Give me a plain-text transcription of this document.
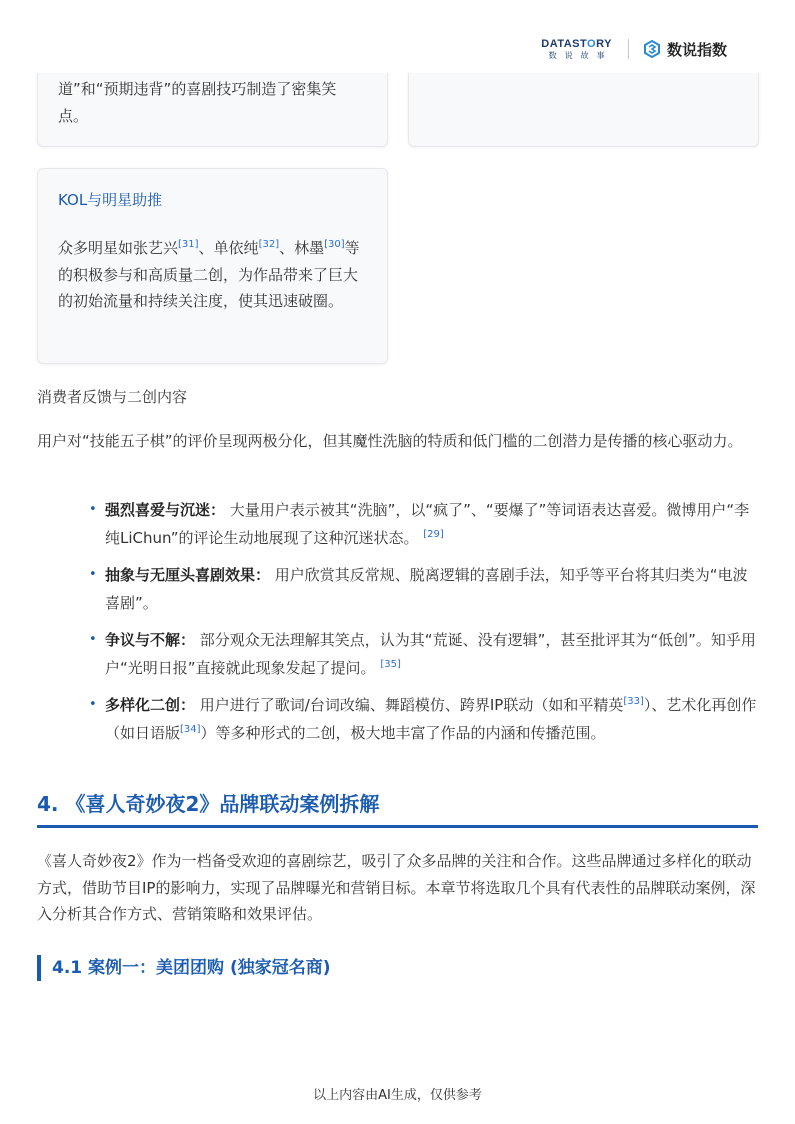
道”和“预期违背”的喜剧技巧制造了密集笑点。
DATASTORY
数说故事	数说指数
KOL与明星助推
众多明星如张艺兴[31]、单依纯[32]、林墨[30]等的积极参与和高质量二创，为作品带来了巨大的初始流量和持续关注度，使其迅速破圈。
消费者反馈与二创内容
用户对“技能五子棋”的评价呈现两极分化，但其魔性洗脑的特质和低门槛的二创潜力是传播的核心驱动力。
• 强烈喜爱与沉迷： 大量用户表示被其“洗脑”，以“疯了”、“要爆了”等词语表达喜爱。微博用户“李纯LiChun”的评论生动地展现了这种沉迷状态。 [29]
• 抽象与无厘头喜剧效果： 用户欣赏其反常规、脱离逻辑的喜剧手法，知乎等平台将其归类为“电波喜剧”。
• 争议与不解： 部分观众无法理解其笑点，认为其“荒诞、没有逻辑”，甚至批评其为“低创”。知乎用户“光明日报”直接就此现象发起了提问。 [35]
• 多样化二创： 用户进行了歌词/台词改编、舞蹈模仿、跨界IP联动（如和平精英[33]）、艺术化再创作（如日语版[34]）等多种形式的二创，极大地丰富了作品的内涵和传播范围。
4. 《喜人奇妙夜2》品牌联动案例拆解
《喜人奇妙夜2》作为一档备受欢迎的喜剧综艺，吸引了众多品牌的关注和合作。这些品牌通过多样化的联动方式，借助节目IP的影响力，实现了品牌曝光和营销目标。本章节将选取几个具有代表性的品牌联动案例，深入分析其合作方式、营销策略和效果评估。
4.1 案例一：美团团购 (独家冠名商)
以上内容由AI生成，仅供参考
